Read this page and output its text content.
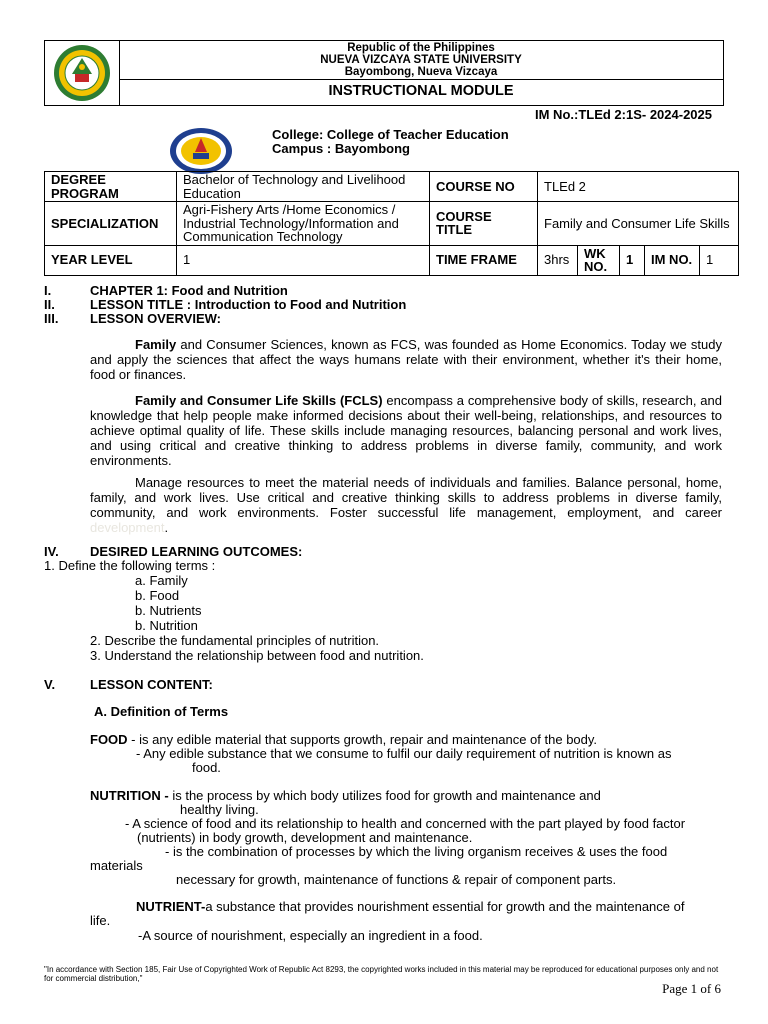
Republic of the Philippines
NUEVA VIZCAYA STATE UNIVERSITY
Bayombong, Nueva Vizcaya
INSTRUCTIONAL MODULE
IM No.:TLEd 2:1S- 2024-2025
College: College of Teacher Education
Campus : Bayombong
DEGREE PROGRAM	Bachelor of Technology and Livelihood Education	COURSE NO	TLEd 2				
SPECIALIZATION	Agri-Fishery Arts /Home Economics / Industrial Technology/Information and Communication Technology	COURSE TITLE	Family and Consumer Life Skills				
YEAR LEVEL	1	TIME FRAME	3hrs	WK NO.	1	IM NO.	1
I.	CHAPTER 1: Food and Nutrition
II.	LESSON TITLE : Introduction to Food and Nutrition
III. LESSON OVERVIEW:
Family and Consumer Sciences, known as FCS, was founded as Home Economics. Today we study and apply the sciences that affect the ways humans relate with their environment, whether it's their home, food or finances.
Family and Consumer Life Skills (FCLS) encompass a comprehensive body of skills, research, and knowledge that help people make informed decisions about their well-being, relationships, and resources to achieve optimal quality of life. These skills include managing resources, balancing personal and work lives, and using critical and creative thinking to address problems in diverse family, community, and work environments.
Manage resources to meet the material needs of individuals and families. Balance personal, home, family, and work lives. Use critical and creative thinking skills to address problems in diverse family, community, and work environments. Foster successful life management, employment, and career development.
IV. DESIRED LEARNING OUTCOMES:
1. Define the following terms :
a. Family
b. Food
b. Nutrients
b. Nutrition
2. Describe the fundamental principles of nutrition.
3. Understand the relationship between food and nutrition.
V.	LESSON CONTENT:
A. Definition of Terms
FOOD - is any edible material that supports growth, repair and maintenance of the body.
- Any edible substance that we consume to fulfil our daily requirement of nutrition is known as
food.
NUTRITION - is the process by which body utilizes food for growth and maintenance and
healthy living.
- A science of food and its relationship to health and concerned with the part played by food factor
(nutrients) in body growth, development and maintenance.
- is the combination of processes by which the living organism receives & uses the food
materials
necessary for growth, maintenance of functions & repair of component parts.
NUTRIENT-a substance that provides nourishment essential for growth and the maintenance of
life.
-A source of nourishment, especially an ingredient in a food.
"In accordance with Section 185, Fair Use of Copyrighted Work of Republic Act 8293, the copyrighted works included in this material may be reproduced for educational purposes only and not for commercial distribution,"
Page 1 of 6
